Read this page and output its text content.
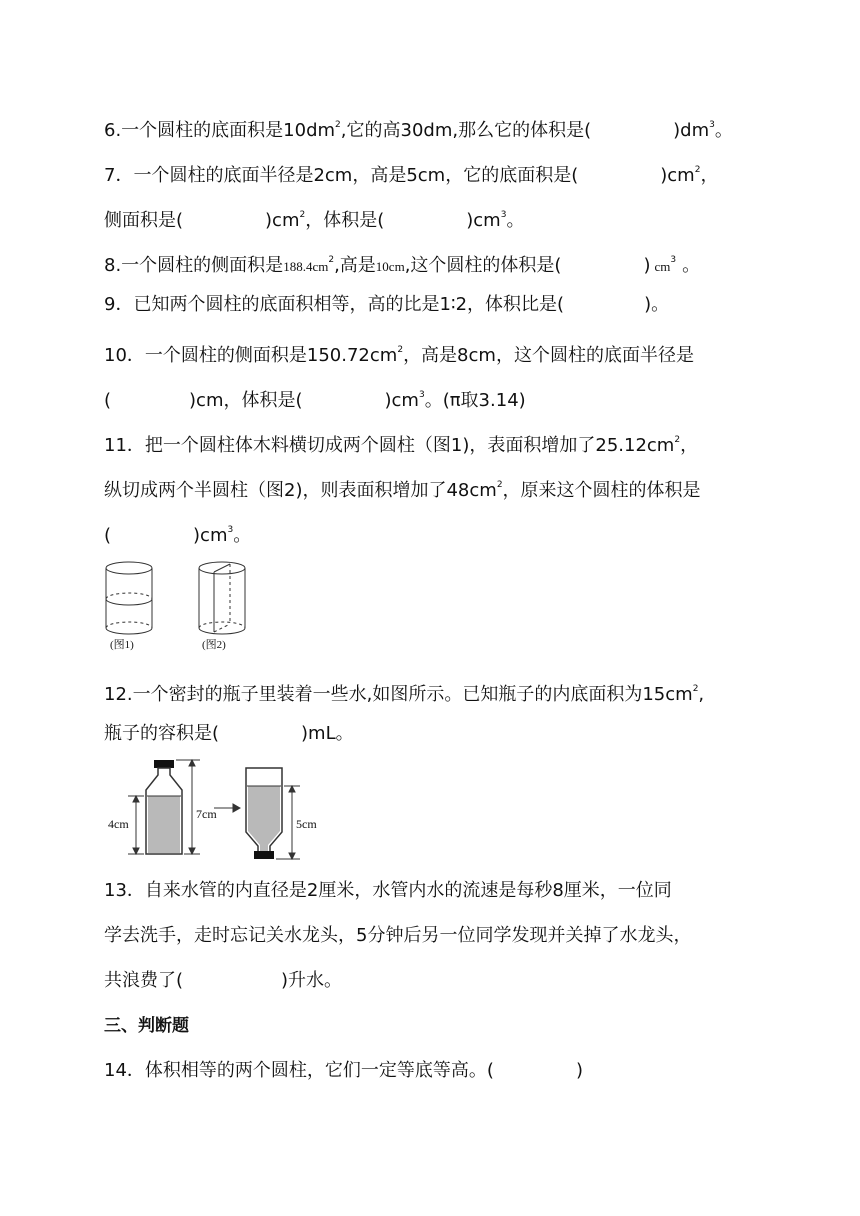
6.一个圆柱的底面积是$10dm^2$,它的高30dm,那么它的体积是(	)$dm^3$。
7．一个圆柱的底面半径是2cm，高是5cm，它的底面积是(	)$cm^2$，
侧面积是(	)$cm^2$，体积是(	)$cm^3$。
8.一个圆柱的侧面积是$188.4cm^2$,高是10cm,这个圆柱的体积是(	) $cm^3$ 。
9．已知两个圆柱的底面积相等，高的比是1∶2，体积比是(	)。
10．一个圆柱的侧面积是$150.72cm^2$，高是8cm，这个圆柱的底面半径是
(	)cm，体积是(	)$cm^3$。(π取3.14)
11．把一个圆柱体木料横切成两个圆柱（图1)，表面积增加了$25.12cm^2$，
纵切成两个半圆柱（图2)，则表面积增加了$48cm^2$，原来这个圆柱的体积是
(	)$cm^3$。
(图1)	(图2)
12.一个密封的瓶子里装着一些水,如图所示。已知瓶子的内底面积为$15cm^2$,
瓶子的容积是(	)mL。
4cm
7cm
5cm
13．自来水管的内直径是2厘米，水管内水的流速是每秒8厘米，一位同
学去洗手，走时忘记关水龙头，5分钟后另一位同学发现并关掉了水龙头，
共浪费了(	)升水。
三、判断题
14．体积相等的两个圆柱，它们一定等底等高。(	)
